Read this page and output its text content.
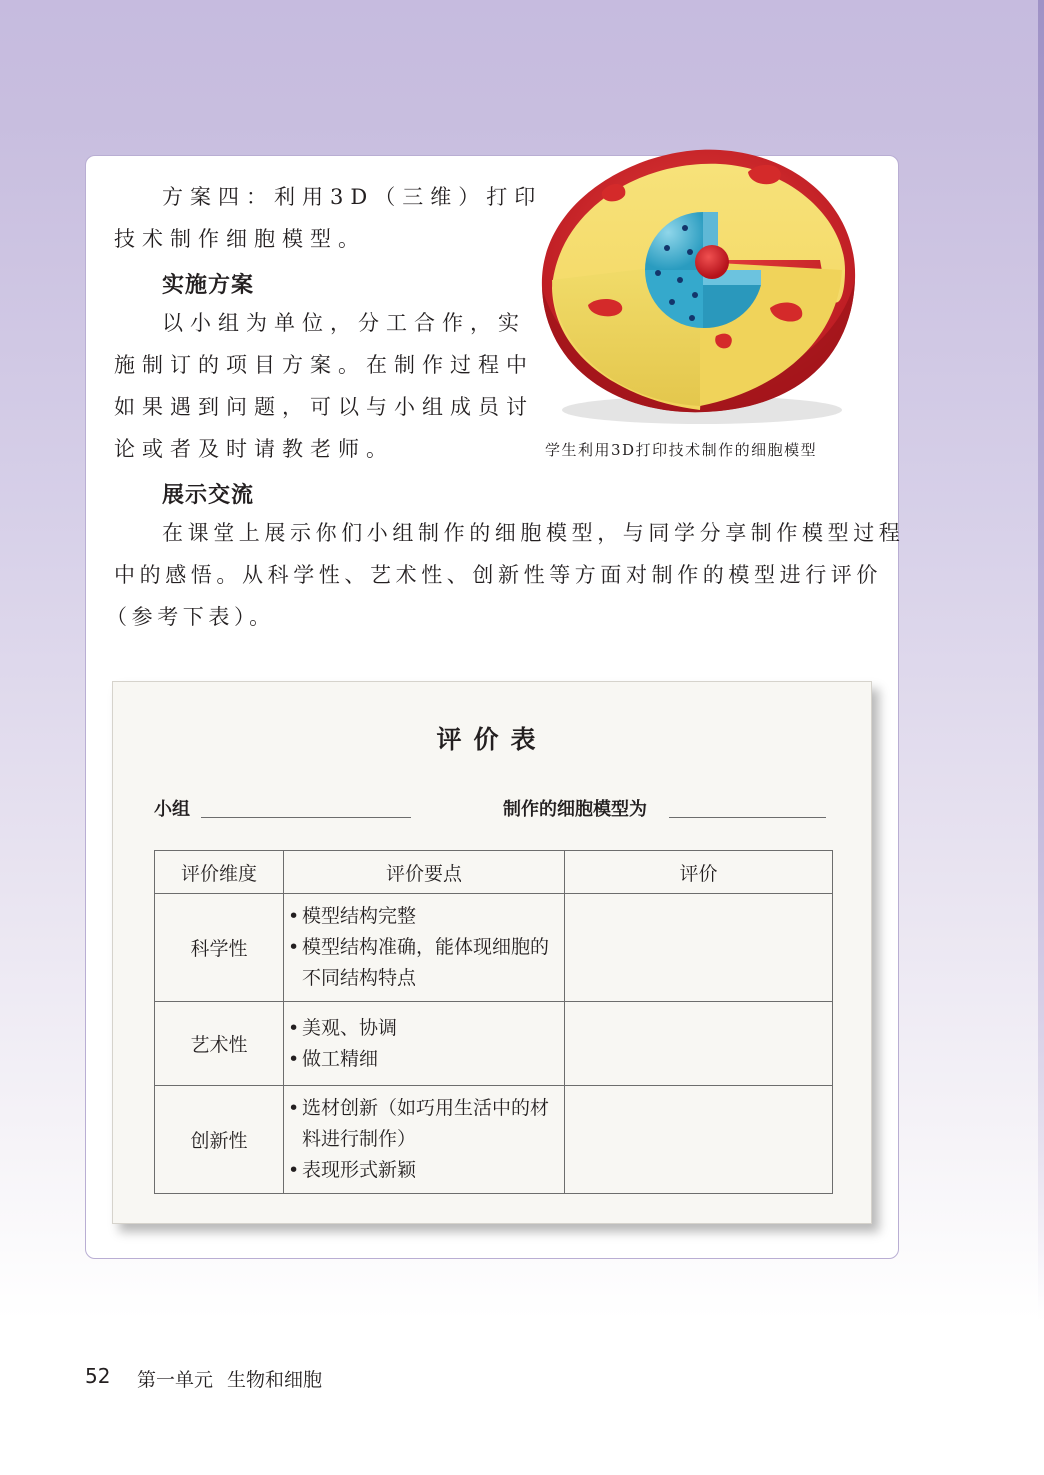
方案四：利用3D（三维）打印

技术制作细胞模型。

实施方案

以小组为单位，分工合作，实

施制订的项目方案。在制作过程中

如果遇到问题，可以与小组成员讨

论或者及时请教老师。	学生利用3D打印技术制作的细胞模型
展示交流

在课堂上展示你们小组制作的细胞模型，与同学分享制作模型过程

中的感悟。从科学性、艺术性、创新性等方面对制作的模型进行评价

（参考下表）。

评价表
小组	制作的细胞模型为
评价维度	评价要点	评价
科学性	• 模型结构完整
• 模型结构准确，能体现细胞的不同结构特点

艺术性	• 美观、协调
• 做工精细

创新性	• 选材创新（如巧用生活中的材料进行制作）
• 表现形式新颖

52 第一单元 生物和细胞
